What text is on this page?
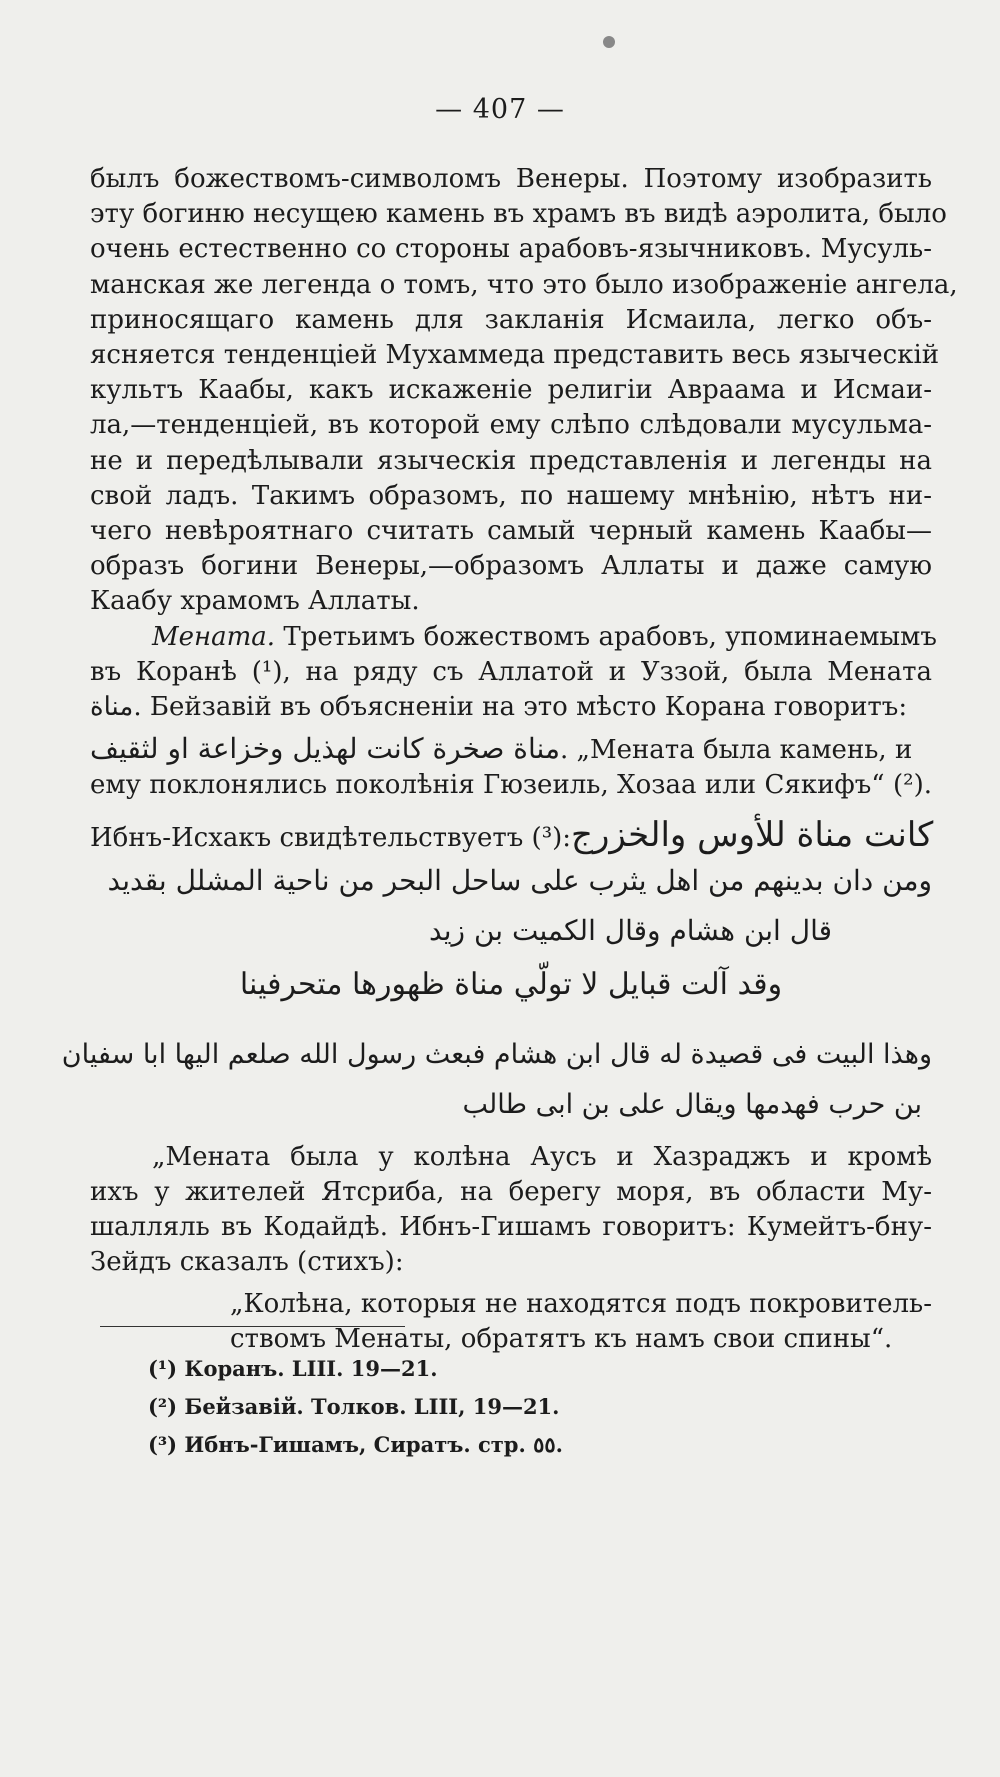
— 407 —
былъ божествомъ-символомъ Венеры. Поэтому изобразить
эту богиню несущею камень въ храмъ въ видѣ аэролита, было
очень естественно со стороны арабовъ-язычниковъ. Мусуль-
манская же легенда о томъ, что это было изображенiе ангела,
приносящаго камень для закланiя Исмаила, легко объ-
ясняется тенденцiей Мухаммеда представить весь языческiй
культъ Каабы, какъ искаженiе религiи Авраама и Исмаи-
ла,—тенденцiей, въ которой ему слѣпо слѣдовали мусульма-
не и передѣлывали языческiя представленiя и легенды на
свой ладъ. Такимъ образомъ, по нашему мнѣнiю, нѣтъ ни-
чего невѣроятнаго считать самый черный камень Каабы—
образъ богини Венеры,—образомъ Аллаты и даже самую
Каабу храмомъ Аллаты.
Мената. Третьимъ божествомъ арабовъ, упоминаемымъ
въ Коранѣ (¹), на ряду съ Аллатой и Уззой, была Мената
مناة. Бейзавiй въ объясненiи на это мѣсто Корана говоритъ:
مناة صخرة كانت لهذيل وخزاعة او لثقيف. „Мената была камень, и
ему поклонялись поколѣнiя Гюзеиль, Хозаа или Сякифъ“ (²).
Ибнъ-Исхакъ свидѣтельствуетъ (³): كانت مناة للأوس والخزرج
ومن دان بدينهم من اهل يثرب على ساحل البحر من ناحية المشلل بقديد
قال ابن هشام وقال الكميت بن زيد
وقد آلت قبايل لا تولّي مناة ظهورها متحرفينا
وهذا البيت فى قصيدة له قال ابن هشام فبعث رسول الله صلعم اليها ابا سفيان
بن حرب فهدمها ويقال على بن ابى طالب
„Мената была у колѣна Аусъ и Хазраджъ и кромѣ
ихъ у жителей Ятсриба, на берегу моря, въ области Му-
шалляль въ Кодайдѣ. Ибнъ-Гишамъ говоритъ: Кумейтъ-бну-
Зейдъ сказалъ (стихъ):
„Колѣна, которыя не находятся подъ покровитель-
ствомъ Менаты, обратятъ къ намъ свои спины“.
(¹) Коранъ. LIII. 19—21.
(²) Бейзавiй. Толков. LIII, 19—21.
(³) Ибнъ-Гишамъ, Сиратъ. стр. ٥٥.
